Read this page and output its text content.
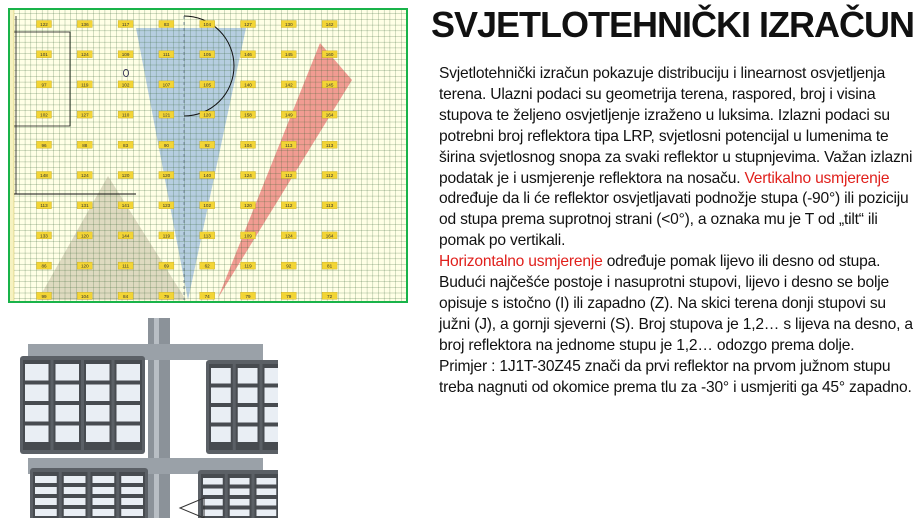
122	136	117	83	104	127	130	142
101	124	109	111	105	146	145	160
97	119	102	107	105	140	142	145
102	127	110	121	120	158	149	164
96	88	83	90	92	104	113	113
148	124	120	120	140	124	112	112
113	131	141	123	102	120	112	113
133	120	144	119	113	109	124	164
86	120	111	69	62	119	92	81
99	104	84	79	74	79	79	72
SVJETLOTEHNIČKI IZRAČUN

Svjetlotehnički izračun pokazuje distribuciju i linearnost osvjetljenja terena. Ulazni podaci su geometrija terena, raspored, broj i visina stupova te željeno osvjetljenje izraženo u luksima. Izlazni podaci su potrebni broj reflektora tipa LRP, svjetlosni potencijal u lumenima te širina svjetlosnog snopa za svaki reflektor u stupnjevima. Važan izlazni podatak je i usmjerenje reflektora na nosaču. Vertikalno usmjerenje određuje da li će reflektor osvjetljavati podnožje stupa (-90°) ili poziciju od stupa prema suprotnoj strani (<0°), a oznaka mu je T od „tilt“ ili pomak po vertikali.

Horizontalno usmjerenje određuje pomak lijevo ili desno od stupa. Budući najčešće postoje i nasuprotni stupovi, lijevo i desno se bolje opisuje s istočno (I) ili zapadno (Z). Na skici terena donji stupovi su južni (J), a gornji sjeverni (S). Broj stupova je 1,2… s lijeva na desno, a broj reflektora na jednome stupu je 1,2… odozgo prema dolje.

Primjer : 1J1T-30Z45 znači da prvi reflektor na prvom južnom stupu treba nagnuti od okomice prema tlu za -30° i usmjeriti ga 45° zapadno.
